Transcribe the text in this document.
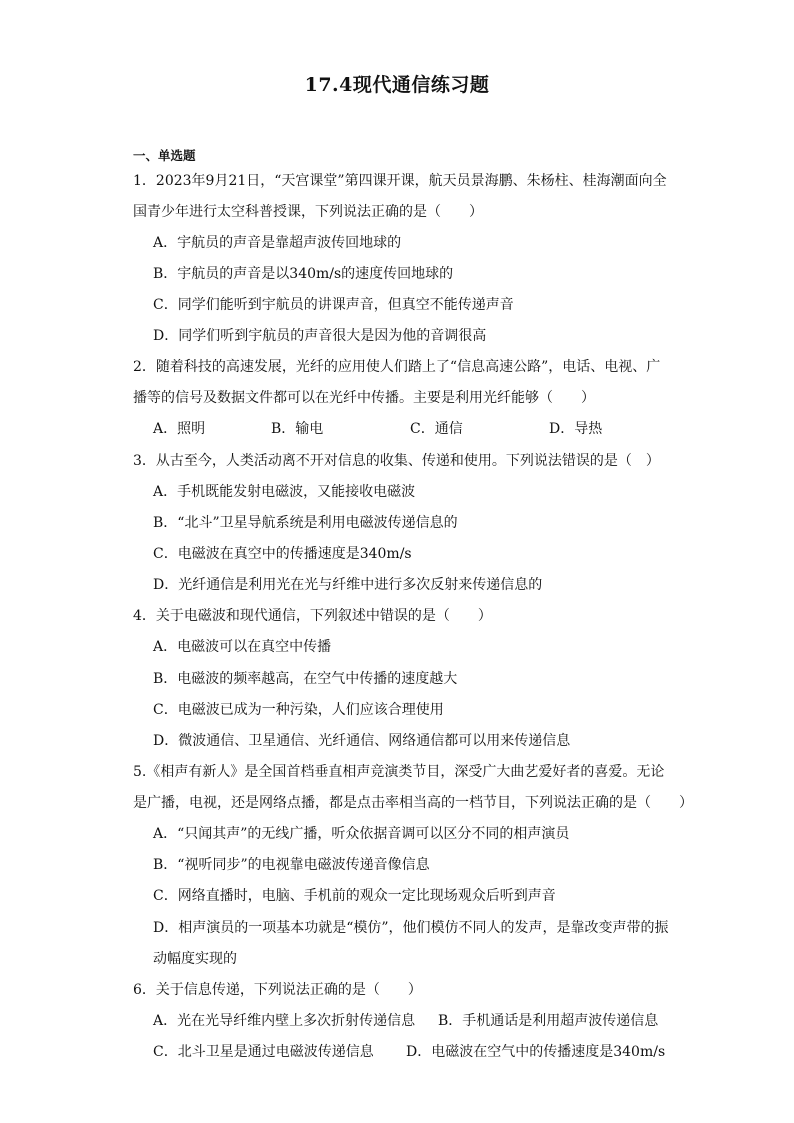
17.4现代通信练习题
一、单选题
1．2023年9月21日，“天宫课堂”第四课开课，航天员景海鹏、朱杨柱、桂海潮面向全
国青少年进行太空科普授课，下列说法正确的是（　　）
A．宇航员的声音是靠超声波传回地球的
B．宇航员的声音是以340m/s的速度传回地球的
C．同学们能听到宇航员的讲课声音，但真空不能传递声音
D．同学们听到宇航员的声音很大是因为他的音调很高
2．随着科技的高速发展，光纤的应用使人们踏上了“信息高速公路”，电话、电视、广
播等的信号及数据文件都可以在光纤中传播。主要是利用光纤能够（　　）
A．照明	B．输电	C．通信	D．导热
3．从古至今，人类活动离不开对信息的收集、传递和使用。下列说法错误的是（　）
A．手机既能发射电磁波，又能接收电磁波
B．“北斗”卫星导航系统是利用电磁波传递信息的
C．电磁波在真空中的传播速度是340m/s
D．光纤通信是利用光在光与纤维中进行多次反射来传递信息的
4．关于电磁波和现代通信，下列叙述中错误的是（　　）
A．电磁波可以在真空中传播
B．电磁波的频率越高，在空气中传播的速度越大
C．电磁波已成为一种污染，人们应该合理使用
D．微波通信、卫星通信、光纤通信、网络通信都可以用来传递信息
5.《相声有新人》是全国首档垂直相声竞演类节目，深受广大曲艺爱好者的喜爱。无论
是广播，电视，还是网络点播，都是点击率相当高的一档节目，下列说法正确的是（　　）
A．“只闻其声”的无线广播，听众依据音调可以区分不同的相声演员
B．“视听同步”的电视靠电磁波传递音像信息
C．网络直播时，电脑、手机前的观众一定比现场观众后听到声音
D．相声演员的一项基本功就是“模仿”，他们模仿不同人的发声，是靠改变声带的振
动幅度实现的
6．关于信息传递，下列说法正确的是（　　）
A．光在光导纤维内壁上多次折射传递信息 B．手机通话是利用超声波传递信息
C．北斗卫星是通过电磁波传递信息 D．电磁波在空气中的传播速度是340m/s
